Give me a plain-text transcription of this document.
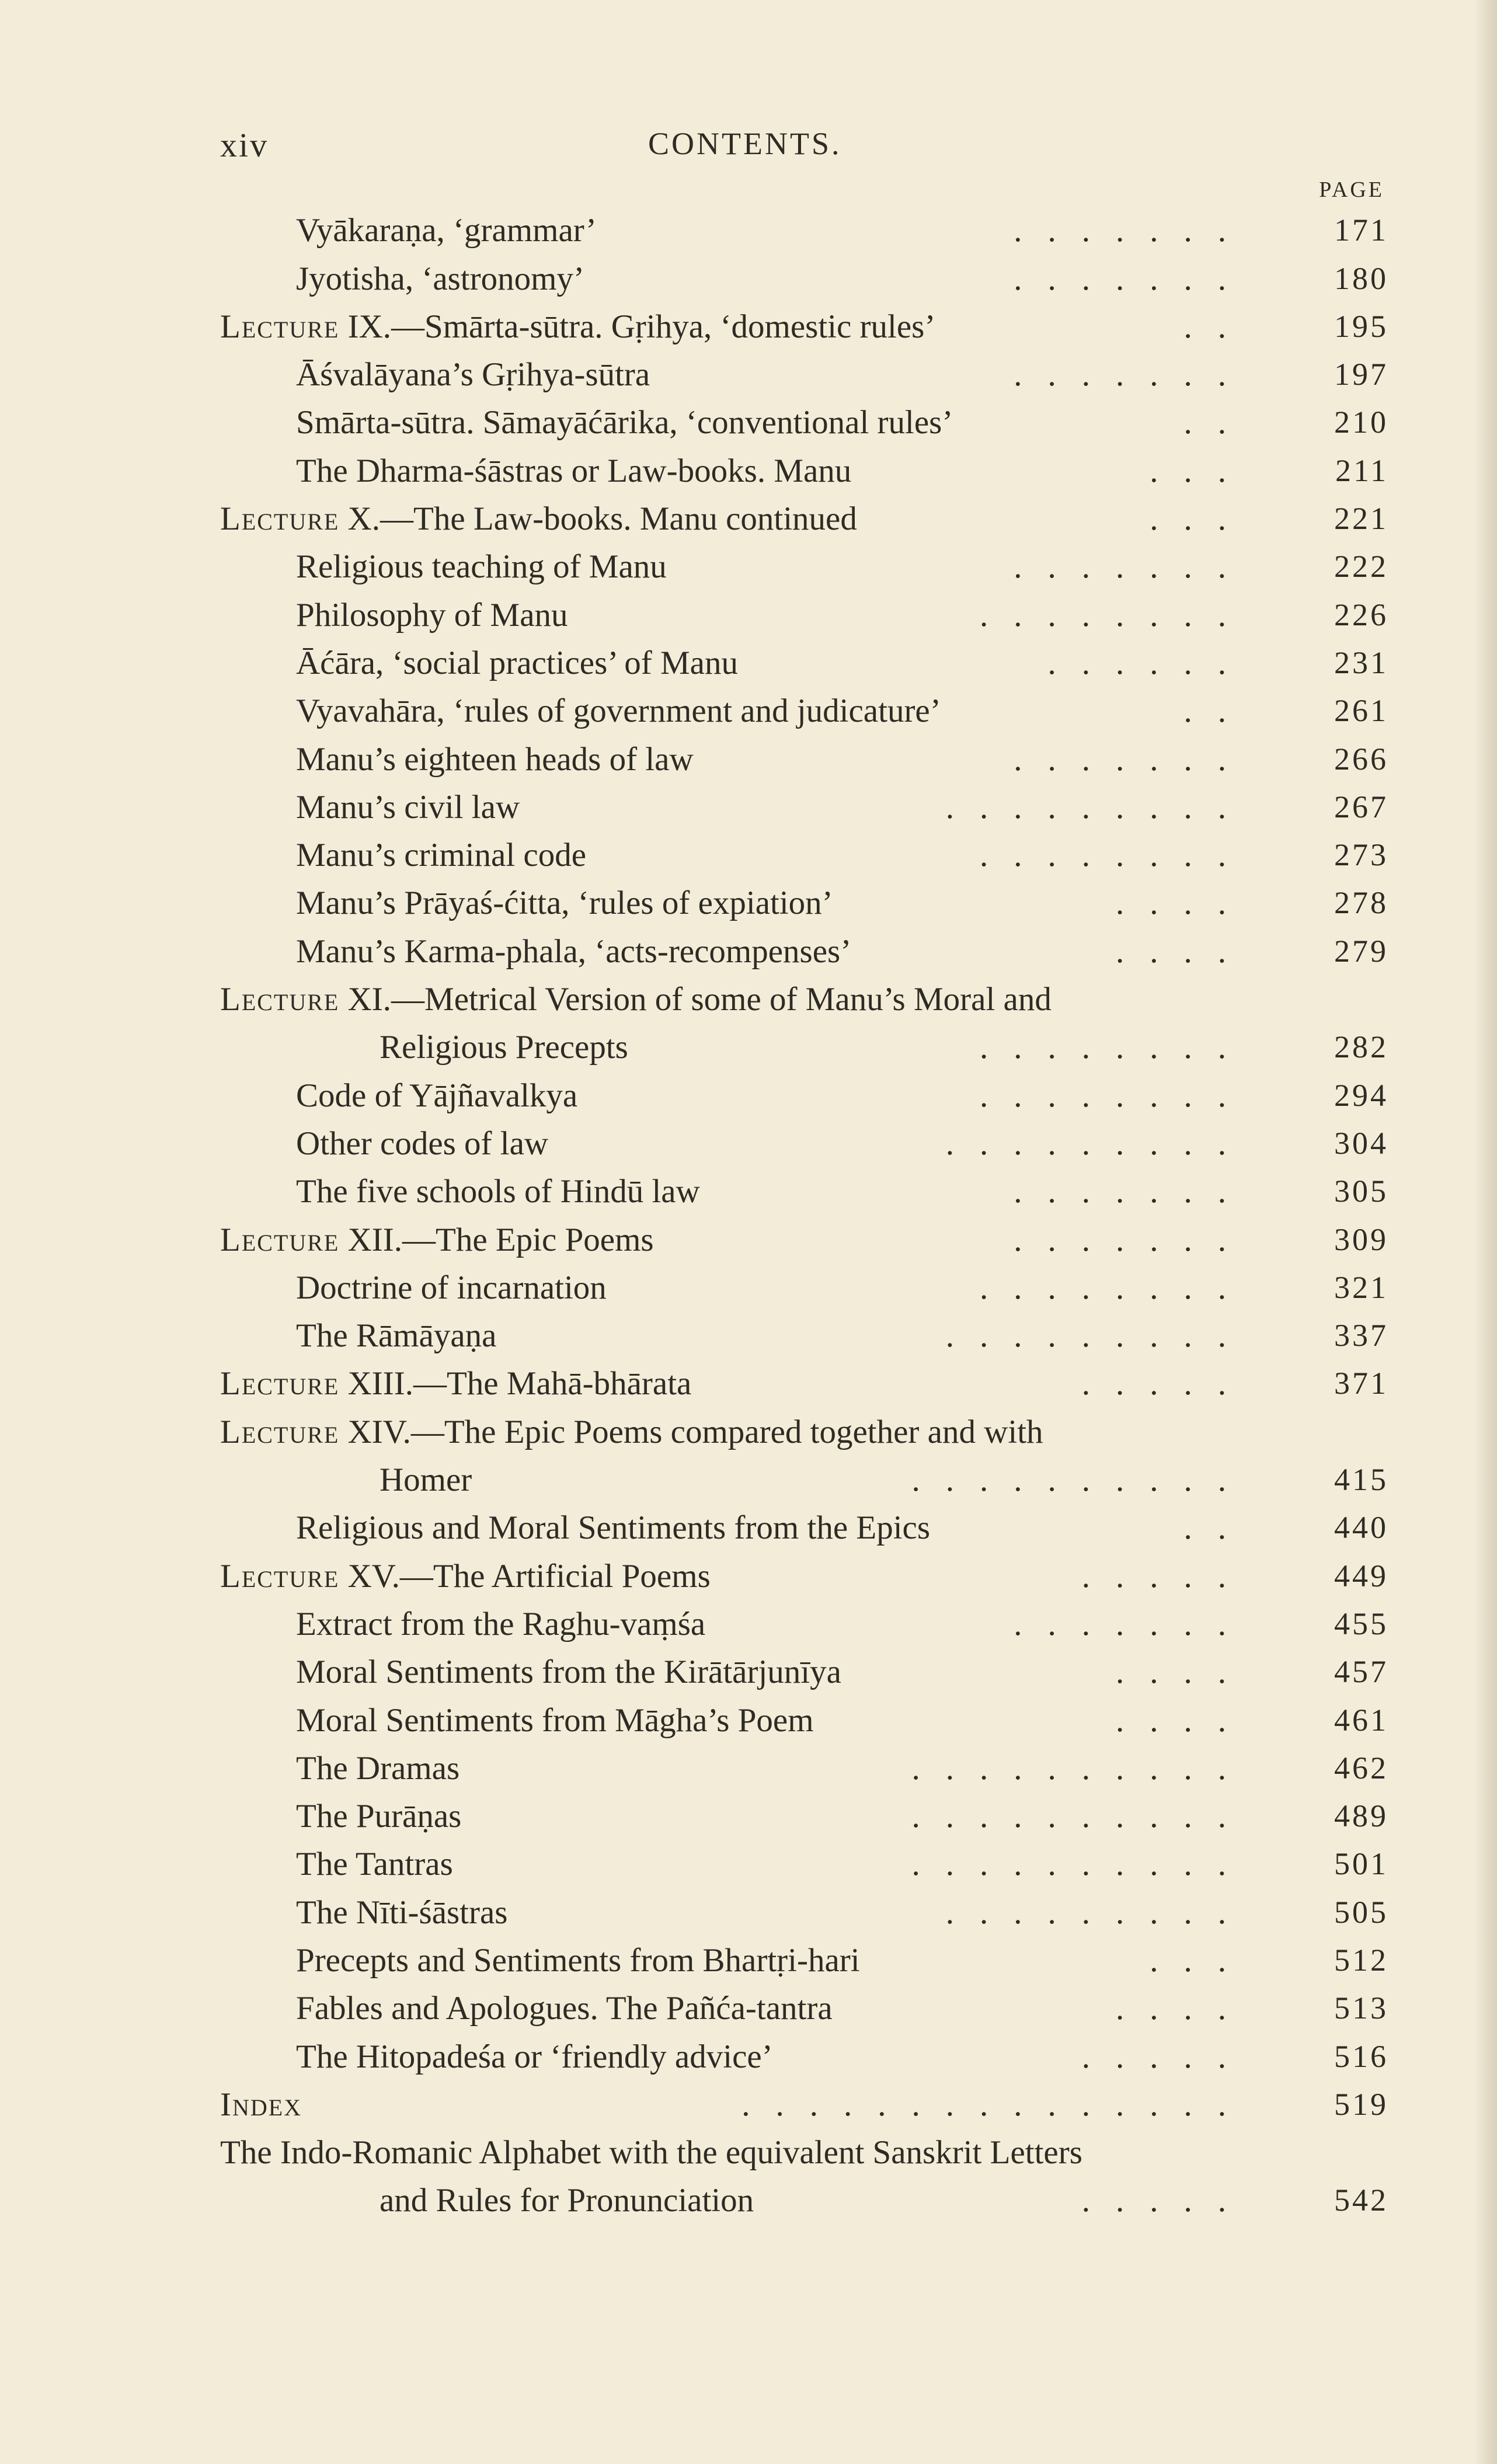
xiv	CONTENTS.
PAGE
Vyākaraṇa, ‘grammar’	.......	171
Jyotisha, ‘astronomy’	.......	180
Lecture IX.—Smārta-sūtra. Gṛihya, ‘domestic rules’	..	195
Āśvalāyana’s Gṛihya-sūtra	.......	197
Smārta-sūtra. Sāmayāćārika, ‘conventional rules’	..	210
The Dharma-śāstras or Law-books. Manu	...	211
Lecture X.—The Law-books. Manu continued	...	221
Religious teaching of Manu	.......	222
Philosophy of Manu	........	226
Āćāra, ‘social practices’ of Manu	......	231
Vyavahāra, ‘rules of government and judicature’	..	261
Manu’s eighteen heads of law	.......	266
Manu’s civil law	.........	267
Manu’s criminal code	........	273
Manu’s Prāyaś-ćitta, ‘rules of expiation’	....	278
Manu’s Karma-phala, ‘acts-recompenses’	....	279
Lecture XI.—Metrical Version of some of Manu’s Moral and
Religious Precepts	........	282
Code of Yājñavalkya	........	294
Other codes of law	.........	304
The five schools of Hindū law	.......	305
Lecture XII.—The Epic Poems	.......	309
Doctrine of incarnation	........	321
The Rāmāyaṇa	.........	337
Lecture XIII.—The Mahā-bhārata	.....	371
Lecture XIV.—The Epic Poems compared together and with
Homer	..........	415
Religious and Moral Sentiments from the Epics	..	440
Lecture XV.—The Artificial Poems	.....	449
Extract from the Raghu-vaṃśa	.......	455
Moral Sentiments from the Kirātārjunīya	....	457
Moral Sentiments from Māgha’s Poem	....	461
The Dramas	..........	462
The Purāṇas	..........	489
The Tantras	..........	501
The Nīti-śāstras	.........	505
Precepts and Sentiments from Bhartṛi-hari	...	512
Fables and Apologues. The Pañća-tantra	....	513
The Hitopadeśa or ‘friendly advice’	.....	516
Index	...............	519
The Indo-Romanic Alphabet with the equivalent Sanskrit Letters
and Rules for Pronunciation	.....	542
